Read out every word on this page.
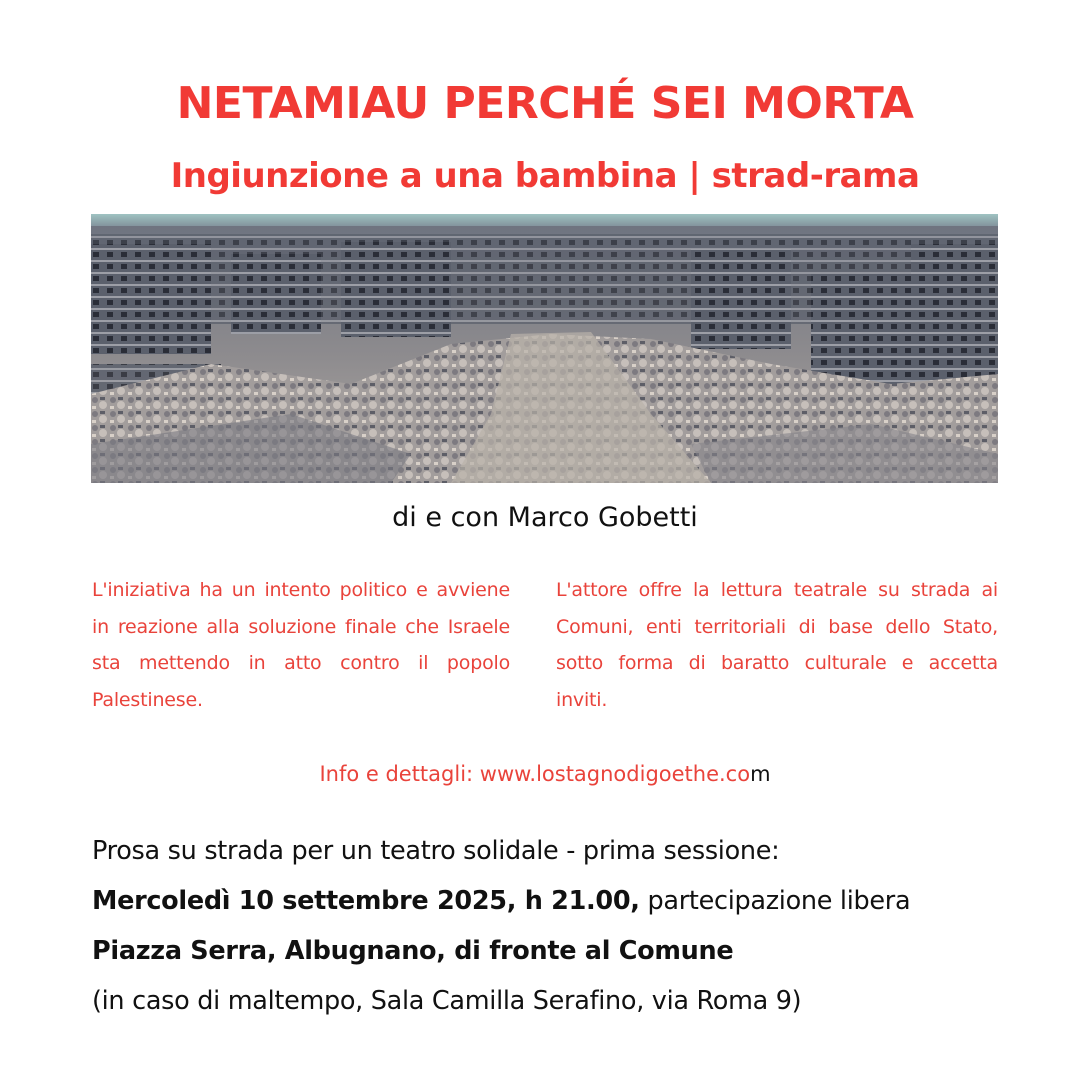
NETAMIAU PERCHÉ SEI MORTA
Ingiunzione a una bambina | strad-rama
di e con Marco Gobetti
L'iniziativa ha un intento politico e avviene in reazione alla soluzione finale che Israele sta mettendo in atto contro il popolo Palestinese.
L'attore offre la lettura teatrale su strada ai Comuni, enti territoriali di base dello Stato, sotto forma di baratto culturale e accetta inviti.
Info e dettagli: www.lostagnodigoethe.com
Prosa su strada per un teatro solidale - prima sessione:
Mercoledì 10 settembre 2025, h 21.00, partecipazione libera
Piazza Serra, Albugnano, di fronte al Comune
(in caso di maltempo, Sala Camilla Serafino, via Roma 9)
